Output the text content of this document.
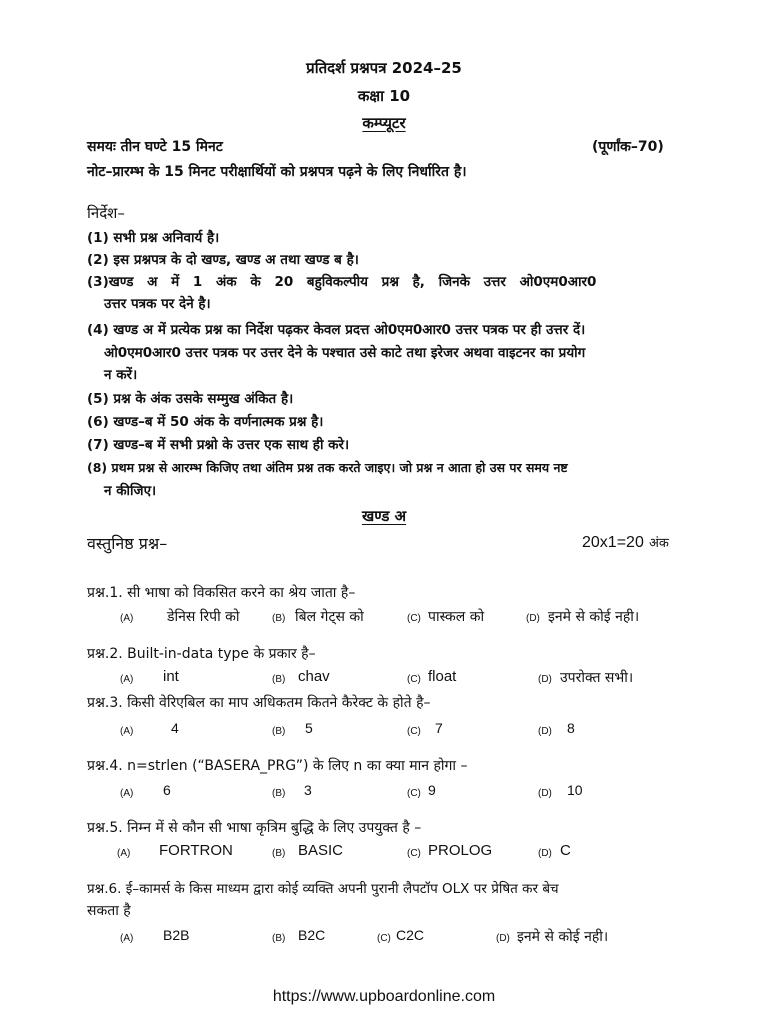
प्रतिदर्श प्रश्नपत्र 2024–25
कक्षा 10
कम्प्यूटर
समयः तीन घण्टे 15 मिनट	(पूर्णांक–70)
नोट–प्रारम्भ के 15 मिनट परीक्षार्थियों को प्रश्नपत्र पढ़ने के लिए निर्धारित है।
निर्देश–
(1) सभी प्रश्न अनिवार्य है।
(2) इस प्रश्नपत्र के दो खण्ड, खण्ड अ तथा खण्ड ब है।
(3)खण्ड अ में 1 अंक के 20 बहुविकल्पीय प्रश्न है, जिनके उत्तर ओ0एम0आर0
उत्तर पत्रक पर देने है।
(4) खण्ड अ में प्रत्येक प्रश्न का निर्देश पढ़कर केवल प्रदत्त ओ0एम0आर0 उत्तर पत्रक पर ही उत्तर दें।
ओ0एम0आर0 उत्तर पत्रक पर उत्तर देने के पश्चात उसे काटे तथा इरेजर अथवा वाइटनर का प्रयोग
न करें।
(5) प्रश्न के अंक उसके सम्मुख अंकित है।
(6) खण्ड–ब में 50 अंक के वर्णनात्मक प्रश्न है।
(7) खण्ड–ब में सभी प्रश्नो के उत्तर एक साथ ही करे।
(8) प्रथम प्रश्न से आरम्भ किजिए तथा अंतिम प्रश्न तक करते जाइए। जो प्रश्न न आता हो उस पर समय नष्ट
न कीजिए।
खण्ड अ
वस्तुनिष्ठ प्रश्न–	20x1=20 अंक
प्रश्न.1. सी भाषा को विकसित करने का श्रेय जाता है–
(A) डेनिस रिपी को	(B) बिल गेट्स को	(C) पास्कल को	(D) इनमे से कोई नही।
प्रश्न.2. Built-in-data type के प्रकार है–
(A) int	(B) chav	(C) float	(D) उपरोक्त सभी।
प्रश्न.3. किसी वेरिएबिल का माप अधिकतम कितने कैरेक्ट के होते है–
(A)	4	(B) 5	(C) 7	(D) 8
प्रश्न.4. n=strlen (“BASERA_PRG”) के लिए n का क्या मान होगा –
(A) 6	(B) 3	(C) 9	(D) 10
प्रश्न.5. निम्न में से कौन सी भाषा कृत्रिम बुद्धि के लिए उपयुक्त है –
(A) FORTRON	(B) BASIC	(C) PROLOG	(D) C
प्रश्न.6. ई–कामर्स के किस माध्यम द्वारा कोई व्यक्ति अपनी पुरानी लैपटॉप OLX पर प्रेषित कर बेच
सकता है
(A) B2B	(B) B2C	(C) C2C	(D) इनमे से कोई नही।
https://www.upboardonline.com
